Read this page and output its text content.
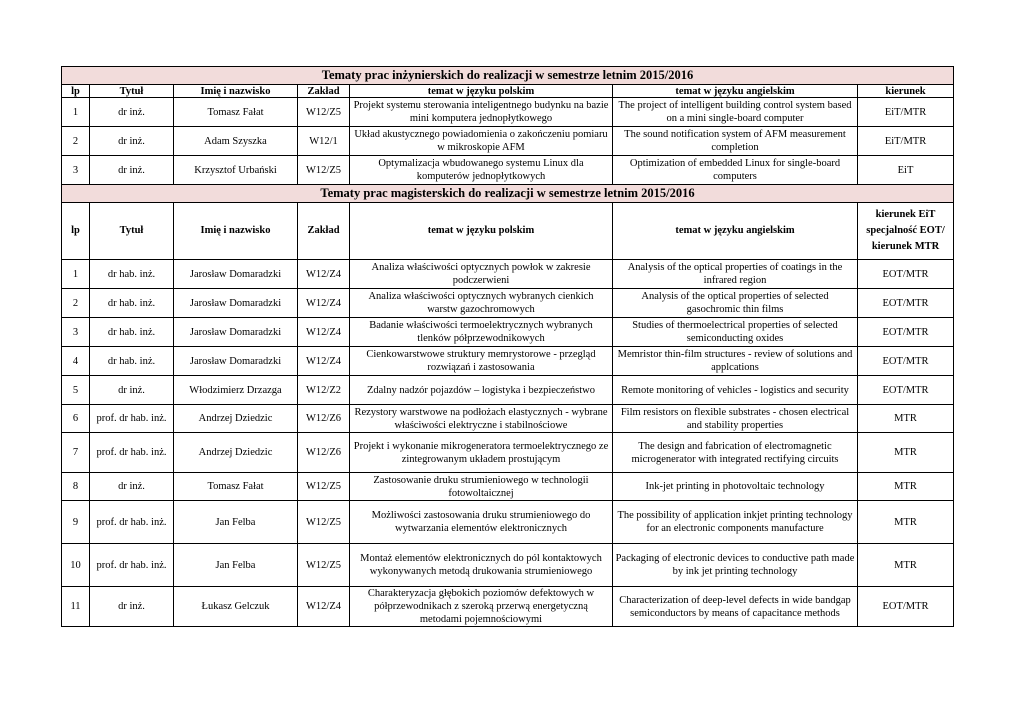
Tematy prac inżynierskich do realizacji w semestrze letnim 2015/2016						
lp	Tytuł	Imię i nazwisko	Zakład	temat w języku polskim	temat w języku angielskim	kierunek
1	dr inż.	Tomasz Fałat	W12/Z5	Projekt systemu sterowania inteligentnego budynku na bazie mini komputera jednopłytkowego	The project of intelligent building control system based on a mini single-board computer	EiT/MTR
2	dr inż.	Adam Szyszka	W12/1	Układ akustycznego powiadomienia o zakończeniu pomiaru w mikroskopie AFM	The sound notification system of AFM measurement completion	EiT/MTR
3	dr inż.	Krzysztof Urbański	W12/Z5	Optymalizacja wbudowanego systemu Linux dla komputerów jednopłytkowych	Optimization of embedded Linux for single-board computers	EiT
Tematy prac magisterskich do realizacji w semestrze letnim 2015/2016						
lp	Tytuł	Imię i nazwisko	Zakład	temat w języku polskim	temat w języku angielskim	kierunek EiT specjalność EOT/ kierunek MTR
1	dr hab. inż.	Jarosław Domaradzki	W12/Z4	Analiza właściwości optycznych powłok w zakresie podczerwieni	Analysis of the optical properties of coatings in the infrared region	EOT/MTR
2	dr hab. inż.	Jarosław Domaradzki	W12/Z4	Analiza właściwości optycznych wybranych cienkich warstw gazochromowych	Analysis of the optical properties of selected gasochromic thin films	EOT/MTR
3	dr hab. inż.	Jarosław Domaradzki	W12/Z4	Badanie właściwości termoelektrycznych wybranych tlenków półprzewodnikowych	Studies of thermoelectrical properties of selected semiconducting oxides	EOT/MTR
4	dr hab. inż.	Jarosław Domaradzki	W12/Z4	Cienkowarstwowe struktury memrystorowe - przegląd rozwiązań i zastosowania	Memristor thin-film structures - review of solutions and applcations	EOT/MTR
5	dr inż.	Włodzimierz Drzazga	W12/Z2	Zdalny nadzór pojazdów – logistyka i bezpieczeństwo	Remote monitoring of vehicles - logistics and security	EOT/MTR
6	prof. dr hab. inż.	Andrzej Dziedzic	W12/Z6	Rezystory warstwowe na podłożach elastycznych - wybrane właściwości elektryczne i stabilnościowe	Film resistors on flexible substrates - chosen electrical and stability properties	MTR
7	prof. dr hab. inż.	Andrzej Dziedzic	W12/Z6	Projekt i wykonanie mikrogeneratora termoelektrycznego ze zintegrowanym układem prostującym	The design and fabrication of electromagnetic microgenerator with integrated rectifying circuits	MTR
8	dr inż.	Tomasz Fałat	W12/Z5	Zastosowanie druku strumieniowego w technologii fotowoltaicznej	Ink-jet printing in photovoltaic technology	MTR
9	prof. dr hab. inż.	Jan Felba	W12/Z5	Możliwości zastosowania druku strumieniowego do wytwarzania elementów elektronicznych	The possibility of application inkjet printing technology for an electronic components manufacture	MTR
10	prof. dr hab. inż.	Jan Felba	W12/Z5	Montaż elementów elektronicznych do pól kontaktowych wykonywanych metodą drukowania strumieniowego	Packaging of electronic devices to conductive path made by ink jet printing technology	MTR
11	dr inż.	Łukasz Gelczuk	W12/Z4	Charakteryzacja głębokich poziomów defektowych w półprzewodnikach z szeroką przerwą energetyczną metodami pojemnościowymi	Characterization of deep-level defects in wide bandgap semiconductors by means of capacitance methods	EOT/MTR
